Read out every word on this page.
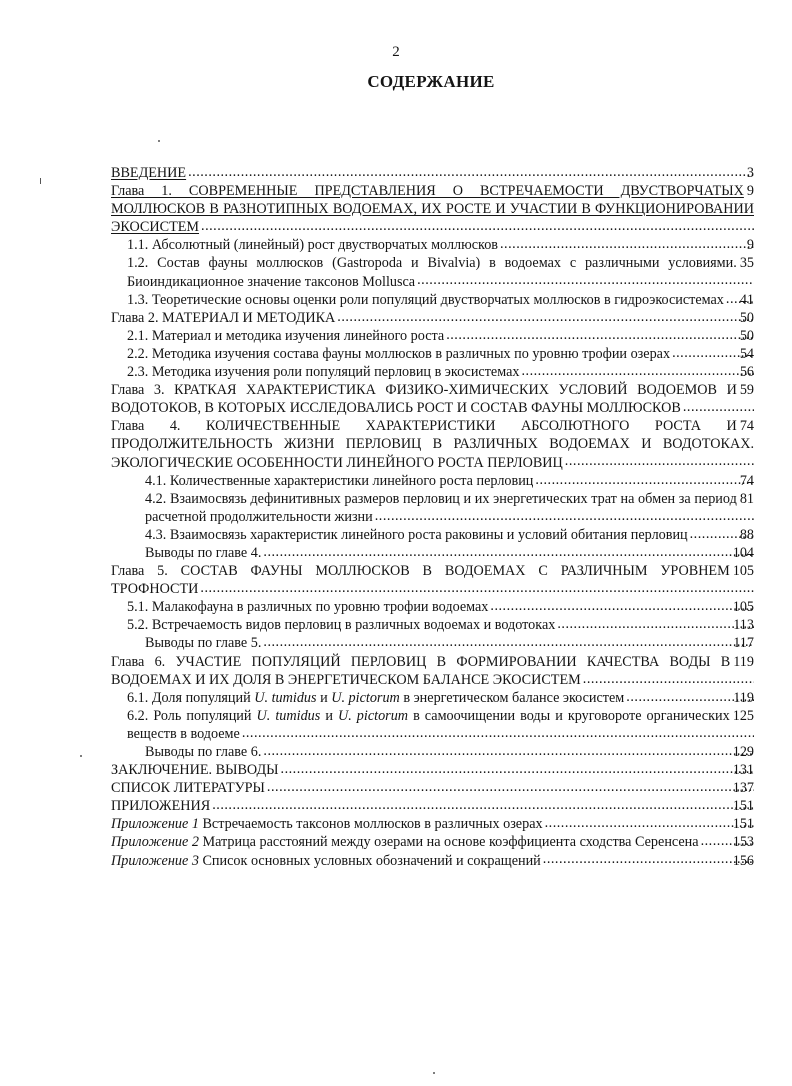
2
СОДЕРЖАНИЕ
ВВЕДЕНИЕ .....
9
Глава 1. СОВРЕМЕННЫЕ ПРЕДСТАВЛЕНИЯ О ВСТРЕЧАЕМОСТИ ДВУСТВОРЧАТЫХ МОЛЛЮСКОВ В РАЗНОТИПНЫХ ВОДОЕМАХ, ИХ РОСТЕ И УЧАСТИИ В ФУНКЦИОНИРОВАНИИ ЭКОСИСТЕМ .....
1.1. Абсолютный (линейный) рост двустворчатых моллюсков .....
35
1.2. Состав фауны моллюсков (Gastropoda и Bivalvia) в водоемах с различными условиями. Биоиндикационное значение таксонов Mollusca .....
1.3. Теоретические основы оценки роли популяций двустворчатых моллюсков в гидроэкосистемах .....
Глава 2. МАТЕРИАЛ И МЕТОДИКА .....
2.1. Материал и методика изучения линейного роста .....
2.2. Методика изучения состава фауны моллюсков в различных по уровню трофии озерах .....
2.3. Методика изучения роли популяций перловиц в экосистемах .....
59
Глава 3. КРАТКАЯ ХАРАКТЕРИСТИКА ФИЗИКО-ХИМИЧЕСКИХ УСЛОВИЙ ВОДОЕМОВ И ВОДОТОКОВ, В КОТОРЫХ ИССЛЕДОВАЛИСЬ РОСТ И СОСТАВ ФАУНЫ МОЛЛЮСКОВ .....
74
Глава 4. КОЛИЧЕСТВЕННЫЕ ХАРАКТЕРИСТИКИ АБСОЛЮТНОГО РОСТА И ПРОДОЛЖИТЕЛЬНОСТЬ ЖИЗНИ ПЕРЛОВИЦ В РАЗЛИЧНЫХ ВОДОЕМАХ И ВОДОТОКАХ. ЭКОЛОГИЧЕСКИЕ ОСОБЕННОСТИ ЛИНЕЙНОГО РОСТА ПЕРЛОВИЦ .....
4.1. Количественные характеристики линейного роста перловиц .....
81
4.2. Взаимосвязь дефинитивных размеров перловиц и их энергетических трат на обмен за период расчетной продолжительности жизни .....
4.3. Взаимосвязь характеристик линейного роста раковины и условий обитания перловиц .....
Выводы по главе 4. .....
105
Глава 5. СОСТАВ ФАУНЫ МОЛЛЮСКОВ В ВОДОЕМАХ С РАЗЛИЧНЫМ УРОВНЕМ ТРОФНОСТИ .....
5.1. Малакофауна в различных по уровню трофии водоемах .....
5.2. Встречаемость видов перловиц в различных водоемах и водотоках .....
Выводы по главе 5. .....
119
Глава 6. УЧАСТИЕ ПОПУЛЯЦИЙ ПЕРЛОВИЦ В ФОРМИРОВАНИИ КАЧЕСТВА ВОДЫ В ВОДОЕМАХ И ИХ ДОЛЯ В ЭНЕРГЕТИЧЕСКОМ БАЛАНСЕ ЭКОСИСТЕМ .....
6.1. Доля популяций U. tumidus и U. pictorum в энергетическом балансе экосистем .....
125
6.2. Роль популяций U. tumidus и U. pictorum в самоочищении воды и круговороте органических веществ в водоеме .....
Выводы по главе 6. .....
ЗАКЛЮЧЕНИЕ. ВЫВОДЫ .....
СПИСОК ЛИТЕРАТУРЫ .....
ПРИЛОЖЕНИЯ .....
Приложение 1 Встречаемость таксонов моллюсков в различных озерах .....
Приложение 2 Матрица расстояний между озерами на основе коэффициента сходства Серенсена .....
Приложение 3 Список основных условных обозначений и сокращений .....
